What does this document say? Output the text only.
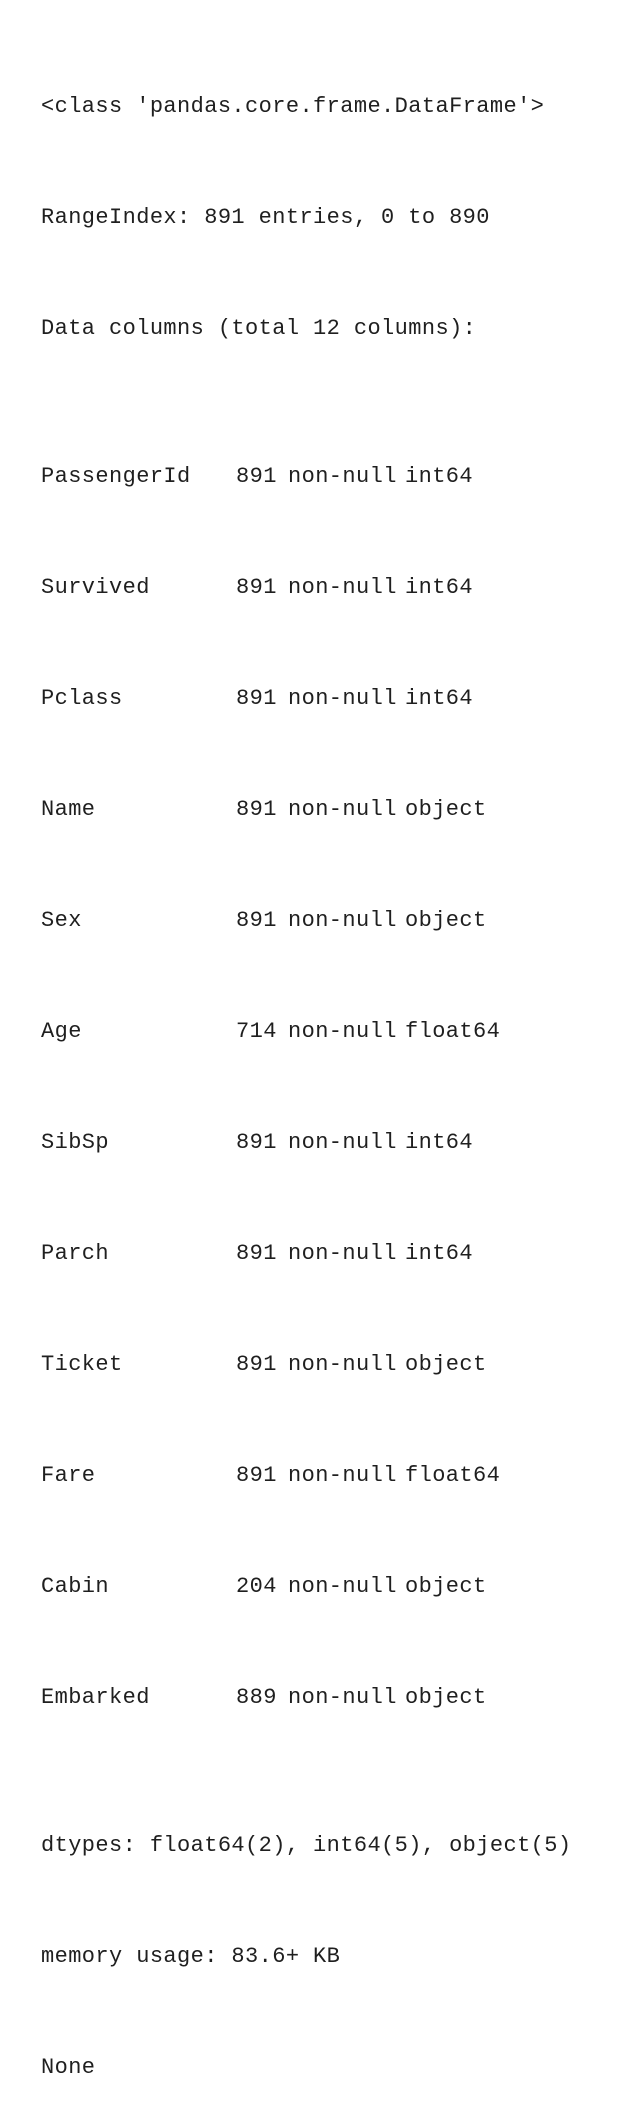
<class 'pandas.core.frame.DataFrame'>

RangeIndex: 891 entries, 0 to 890

Data columns (total 12 columns):

PassengerId	891 non-null int64

Survived	891 non-null int64

Pclass	891 non-null int64

Name	891 non-null object

Sex	891 non-null object

Age	714 non-null float64

SibSp	891 non-null int64

Parch	891 non-null int64

Ticket	891 non-null object

Fare	891 non-null float64

Cabin	204 non-null object

Embarked	889 non-null object

dtypes: float64(2), int64(5), object(5)

memory usage: 83.6+ KB

None
